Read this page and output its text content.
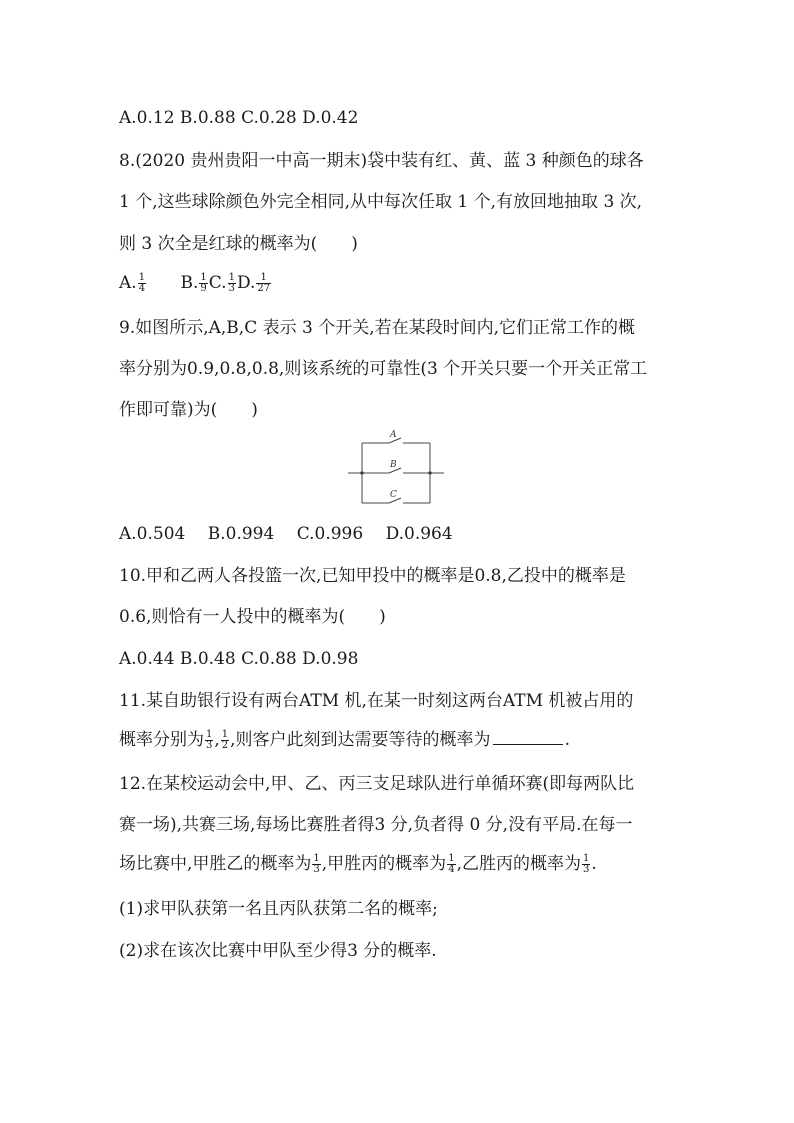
A.0.12 B.0.88 C.0.28 D.0.42
8.(2020 贵州贵阳一中高一期末)袋中装有红、黄、蓝 3 种颜色的球各
1 个,这些球除颜色外完全相同,从中每次任取 1 个,有放回地抽取 3 次,
则 3 次全是红球的概率为(　　)
A. $\frac{1}{4} B$. $\frac{1}{9} C$. $\frac{1}{3} D$. $\frac{1}{27}$
9.如图所示,A,B,C 表示 3 个开关,若在某段时间内,它们正常工作的概
率分别为0.9,0.8,0.8,则该系统的可靠性(3 个开关只要一个开关正常工
作即可靠)为(　　)
A
B
C
A.0.504　 B.0.994　 C.0.996　 D.0.964
10.甲和乙两人各投篮一次,已知甲投中的概率是0.8,乙投中的概率是
0.6,则恰有一人投中的概率为(　　)
A.0.44 B.0.48 C.0.88 D.0.98
11.某自助银行设有两台ATM 机,在某一时刻这两台ATM 机被占用的
概率分别为 $\frac{1}{3}$ , $\frac{1}{2}$ ,则客户此刻到达需要等待的概率为	.
12.在某校运动会中,甲、乙、丙三支足球队进行单循环赛(即每两队比
赛一场),共赛三场,每场比赛胜者得3 分,负者得 0 分,没有平局.在每一
场比赛中,甲胜乙的概率为 $\frac{1}{3}$ ,甲胜丙的概率为 $\frac{1}{4}$ ,乙胜丙的概率为 $\frac{1}{3}$ .
(1)求甲队获第一名且丙队获第二名的概率;
(2)求在该次比赛中甲队至少得3 分的概率.
